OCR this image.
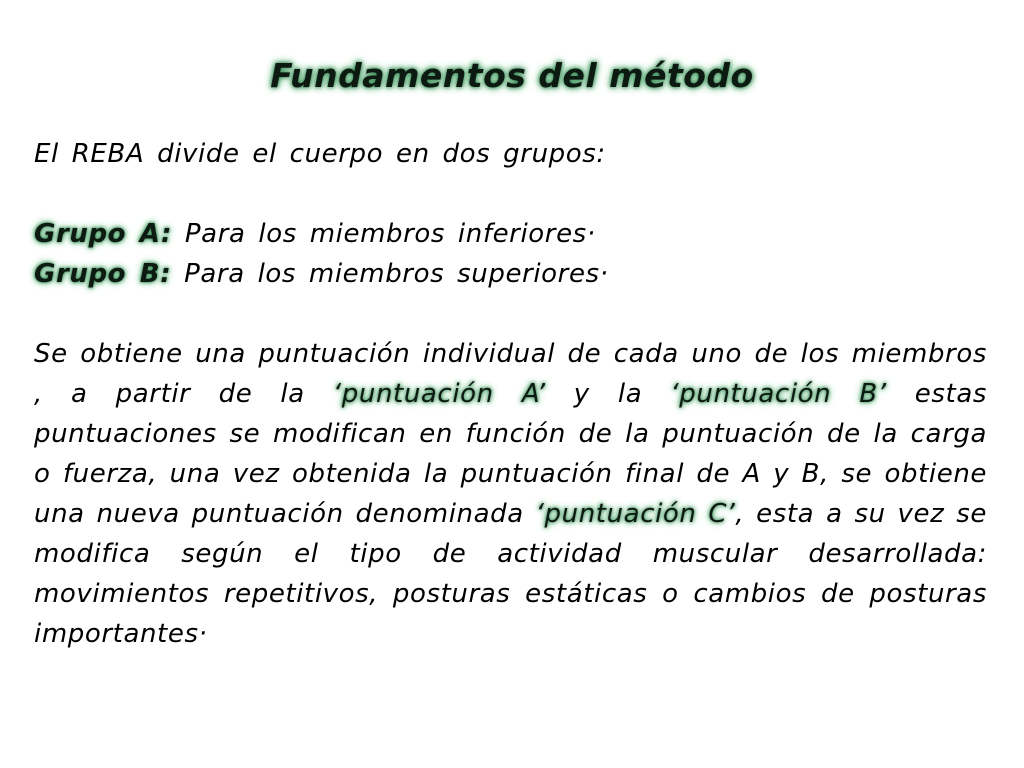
Fundamentos del método
El REBA divide el cuerpo en dos grupos:
Grupo A: Para los miembros inferiores·
Grupo B: Para los miembros superiores·
Se obtiene una puntuación individual de cada uno de los miembros , a partir de la ‘puntuación A’ y la ‘puntuación B’ estas puntuaciones se modifican en función de la puntuación de la carga o fuerza, una vez obtenida la puntuación final de A y B, se obtiene una nueva puntuación denominada ‘puntuación C’, esta a su vez se modifica según el tipo de actividad muscular desarrollada: movimientos repetitivos, posturas estáticas o cambios de posturas importantes·
